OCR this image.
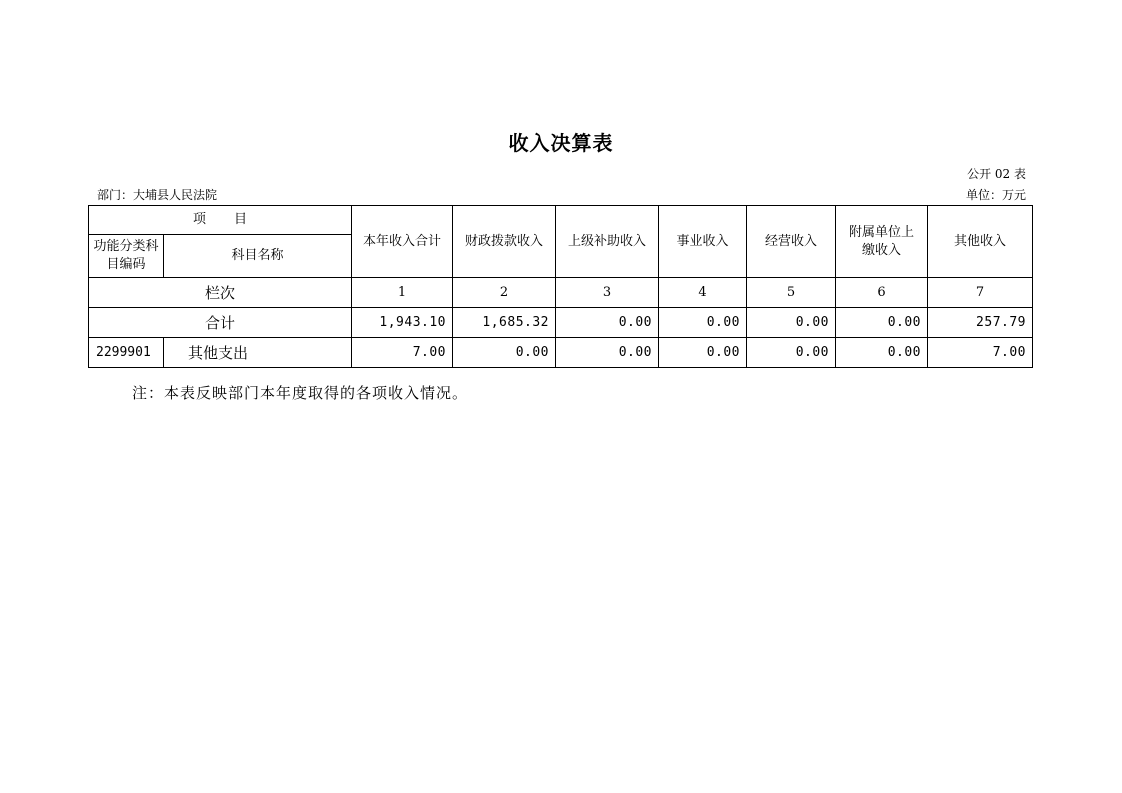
收入决算表
公开 02 表
部门：大埔县人民法院	单位：万元
项目		本年收入合计	财政拨款收入	上级补助收入	事业收入	经营收入	附属单位上缴收入	其他收入
功能分类科目编码	科目名称							
栏次		1	2	3	4	5	6	7
合计		1,943.10	1,685.32	0.00	0.00	0.00	0.00	257.79
2299901	其他支出	7.00	0.00	0.00	0.00	0.00	0.00	7.00
注：本表反映部门本年度取得的各项收入情况。
